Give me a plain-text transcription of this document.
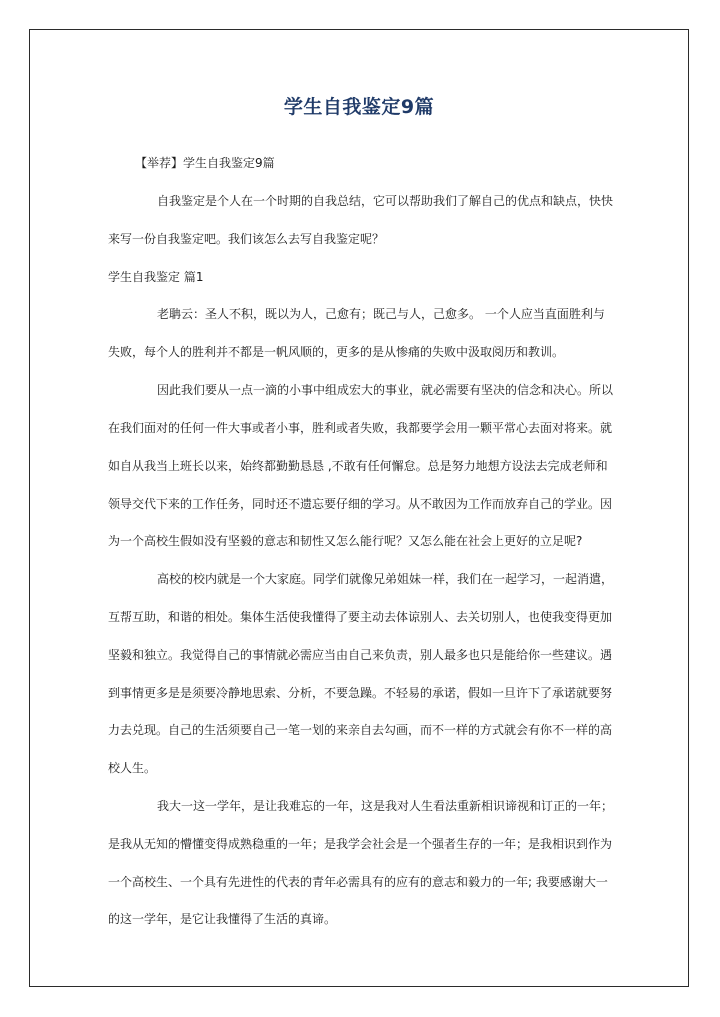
学生自我鉴定9篇
【举荐】学生自我鉴定9篇
自我鉴定是个人在一个时期的自我总结，它可以帮助我们了解自己的优点和缺点，快快
来写一份自我鉴定吧。我们该怎么去写自我鉴定呢？
学生自我鉴定 篇1
老聃云：圣人不积，既以为人，己愈有；既己与人，己愈多。 一个人应当直面胜利与
失败，每个人的胜利并不都是一帆风顺的，更多的是从惨痛的失败中汲取阅历和教训。
因此我们要从一点一滴的小事中组成宏大的事业，就必需要有坚决的信念和决心。所以
在我们面对的任何一件大事或者小事，胜利或者失败，我都要学会用一颗平常心去面对将来。就
如自从我当上班长以来，始终都勤勤恳恳 ,不敢有任何懈怠。总是努力地想方设法去完成老师和
领导交代下来的工作任务，同时还不遗忘要仔细的学习。从不敢因为工作而放弃自己的学业。因
为一个高校生假如没有坚毅的意志和韧性又怎么能行呢？又怎么能在社会上更好的立足呢?
高校的校内就是一个大家庭。同学们就像兄弟姐妹一样，我们在一起学习，一起消遣，
互帮互助，和谐的相处。集体生活使我懂得了要主动去体谅别人、去关切别人，也使我变得更加
坚毅和独立。我觉得自己的事情就必需应当由自己来负责，别人最多也只是能给你一些建议。遇
到事情更多是是须要冷静地思索、分析，不要急躁。不轻易的承诺，假如一旦许下了承诺就要努
力去兑现。自己的生活须要自己一笔一划的来亲自去勾画，而不一样的方式就会有你不一样的高
校人生。
我大一这一学年，是让我难忘的一年，这是我对人生看法重新相识谛视和订正的一年；
是我从无知的懵懂变得成熟稳重的一年；是我学会社会是一个强者生存的一年；是我相识到作为
一个高校生、一个具有先进性的代表的青年必需具有的应有的意志和毅力的一年; 我要感谢大一
的这一学年，是它让我懂得了生活的真谛。
